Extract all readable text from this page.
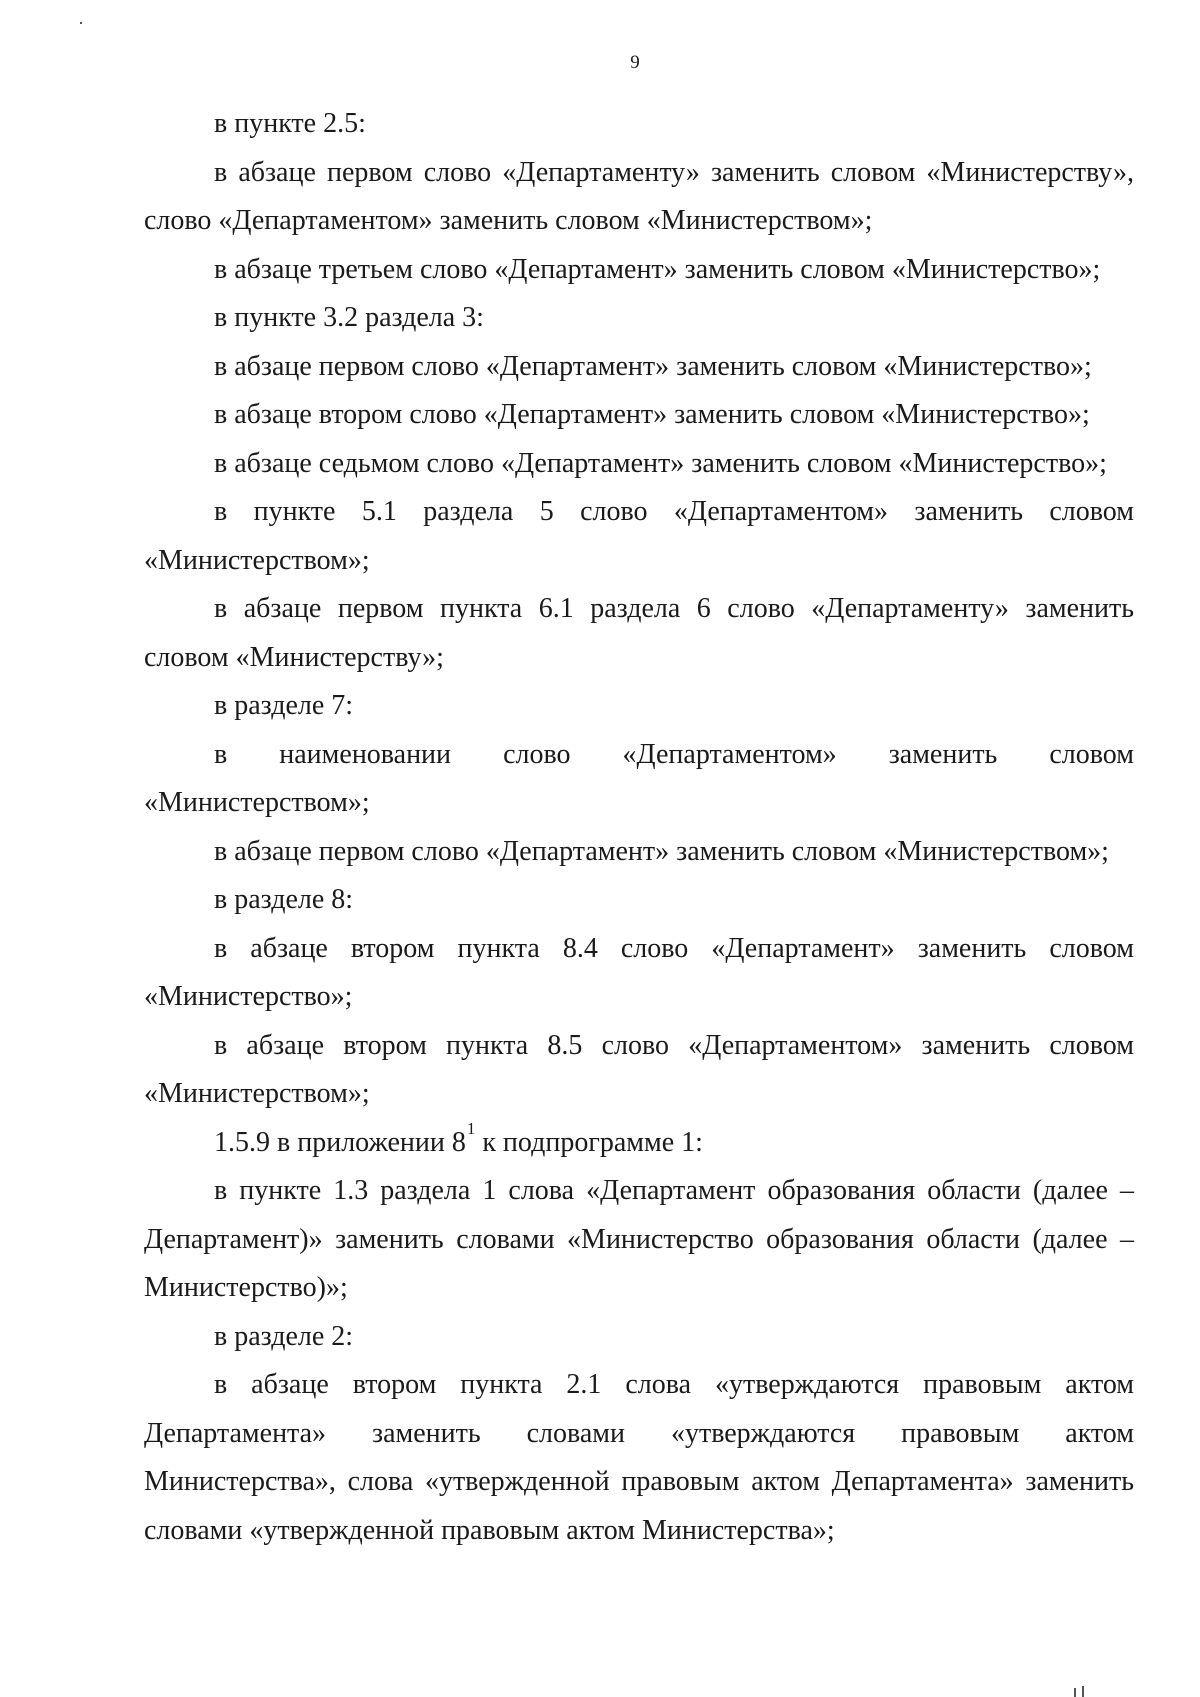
9

в пункте 2.5:

в абзаце первом слово «Департаменту» заменить словом «Министерству», слово «Департаментом» заменить словом «Министерством»;

в абзаце третьем слово «Департамент» заменить словом «Министерство»;

в пункте 3.2 раздела 3:

в абзаце первом слово «Департамент» заменить словом «Министерство»;

в абзаце втором слово «Департамент» заменить словом «Министерство»;

в абзаце седьмом слово «Департамент» заменить словом «Министерство»;

в пункте 5.1 раздела 5 слово «Департаментом» заменить словом «Министерством»;

в абзаце первом пункта 6.1 раздела 6 слово «Департаменту» заменить словом «Министерству»;

в разделе 7:

в наименовании слово «Департаментом» заменить словом «Министерством»;

в абзаце первом слово «Департамент» заменить словом «Министерством»;

в разделе 8:

в абзаце втором пункта 8.4 слово «Департамент» заменить словом «Министерство»;

в абзаце втором пункта 8.5 слово «Департаментом» заменить словом «Министерством»;

1.5.9 в приложении $8^1$ к подпрограмме 1:

в пункте 1.3 раздела 1 слова «Департамент образования области (далее – Департамент)» заменить словами «Министерство образования области (далее – Министерство)»;

в разделе 2:

в абзаце втором пункта 2.1 слова «утверждаются правовым актом Департамента» заменить словами «утверждаются правовым актом Министерства», слова «утвержденной правовым актом Департамента» заменить словами «утвержденной правовым актом Министерства»;
